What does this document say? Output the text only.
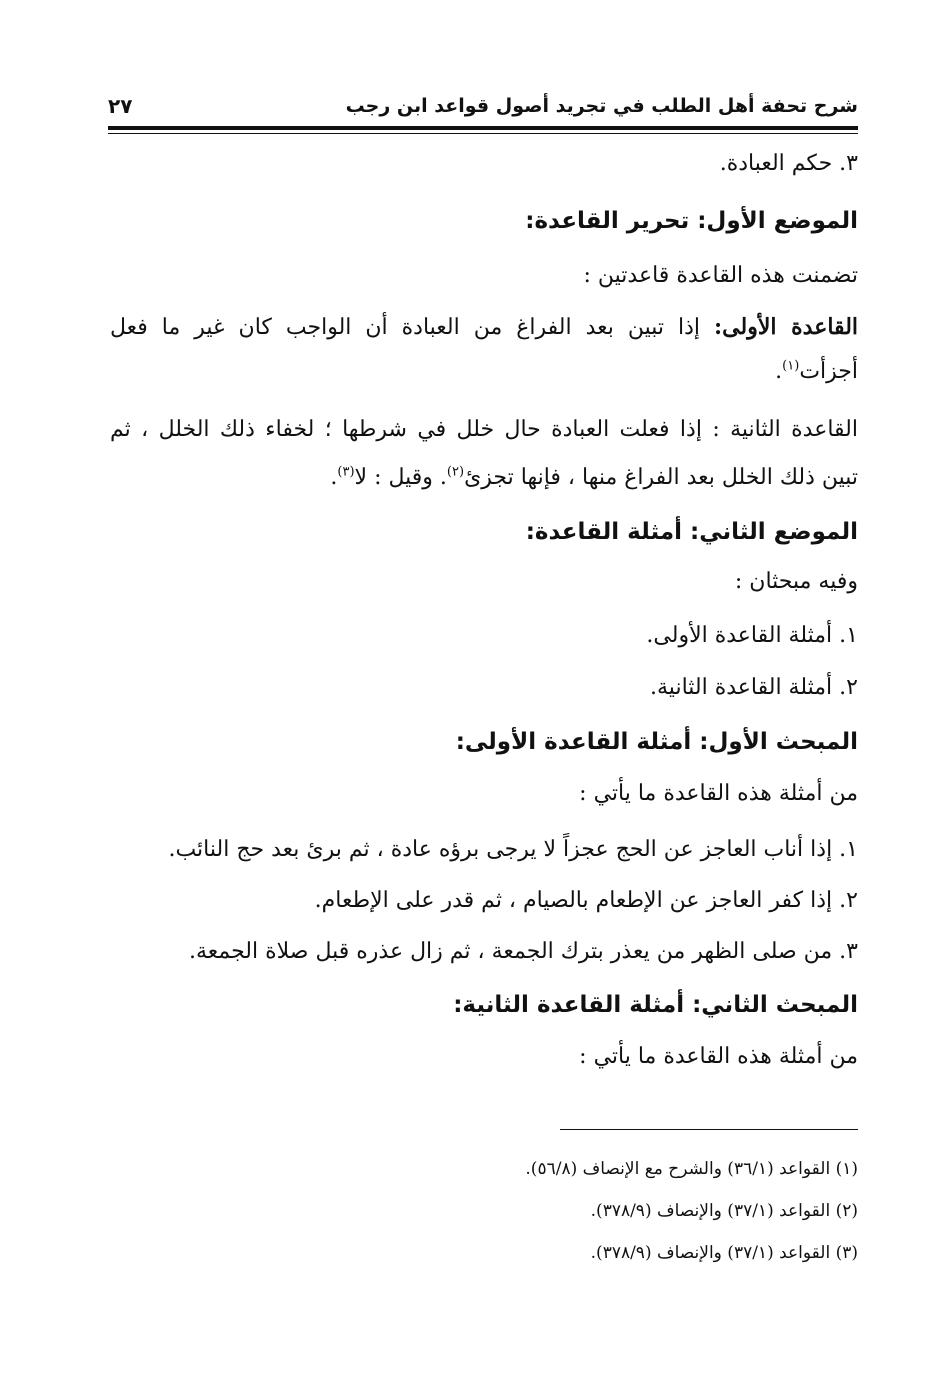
شرح تحفة أهل الطلب في تجريد أصول قواعد ابن رجب
٢٧
٣. حكم العبادة.
الموضع الأول: تحرير القاعدة:
تضمنت هذه القاعدة قاعدتين :
القاعدة الأولى: إذا تبين بعد الفراغ من العبادة أن الواجب كان غير ما فعل
أجزأت$^{(١)}$.
القاعدة الثانية : إذا فعلت العبادة حال خلل في شرطها ؛ لخفاء ذلك الخلل ، ثم
تبين ذلك الخلل بعد الفراغ منها ، فإنها تجزئ$^{(٢)}$. وقيل : لا$^{(٣)}$.
الموضع الثاني: أمثلة القاعدة:
وفيه مبحثان :
١. أمثلة القاعدة الأولى.
٢. أمثلة القاعدة الثانية.
المبحث الأول: أمثلة القاعدة الأولى:
من أمثلة هذه القاعدة ما يأتي :
١. إذا أناب العاجز عن الحج عجزاً لا يرجى برؤه عادة ، ثم برئ بعد حج النائب.
٢. إذا كفر العاجز عن الإطعام بالصيام ، ثم قدر على الإطعام.
٣. من صلى الظهر من يعذر بترك الجمعة ، ثم زال عذره قبل صلاة الجمعة.
المبحث الثاني: أمثلة القاعدة الثانية:
من أمثلة هذه القاعدة ما يأتي :
(١) القواعد (٣٦/١) والشرح مع الإنصاف (٥٦/٨).
(٢) القواعد (٣٧/١) والإنصاف (٣٧٨/٩).
(٣) القواعد (٣٧/١) والإنصاف (٣٧٨/٩).
